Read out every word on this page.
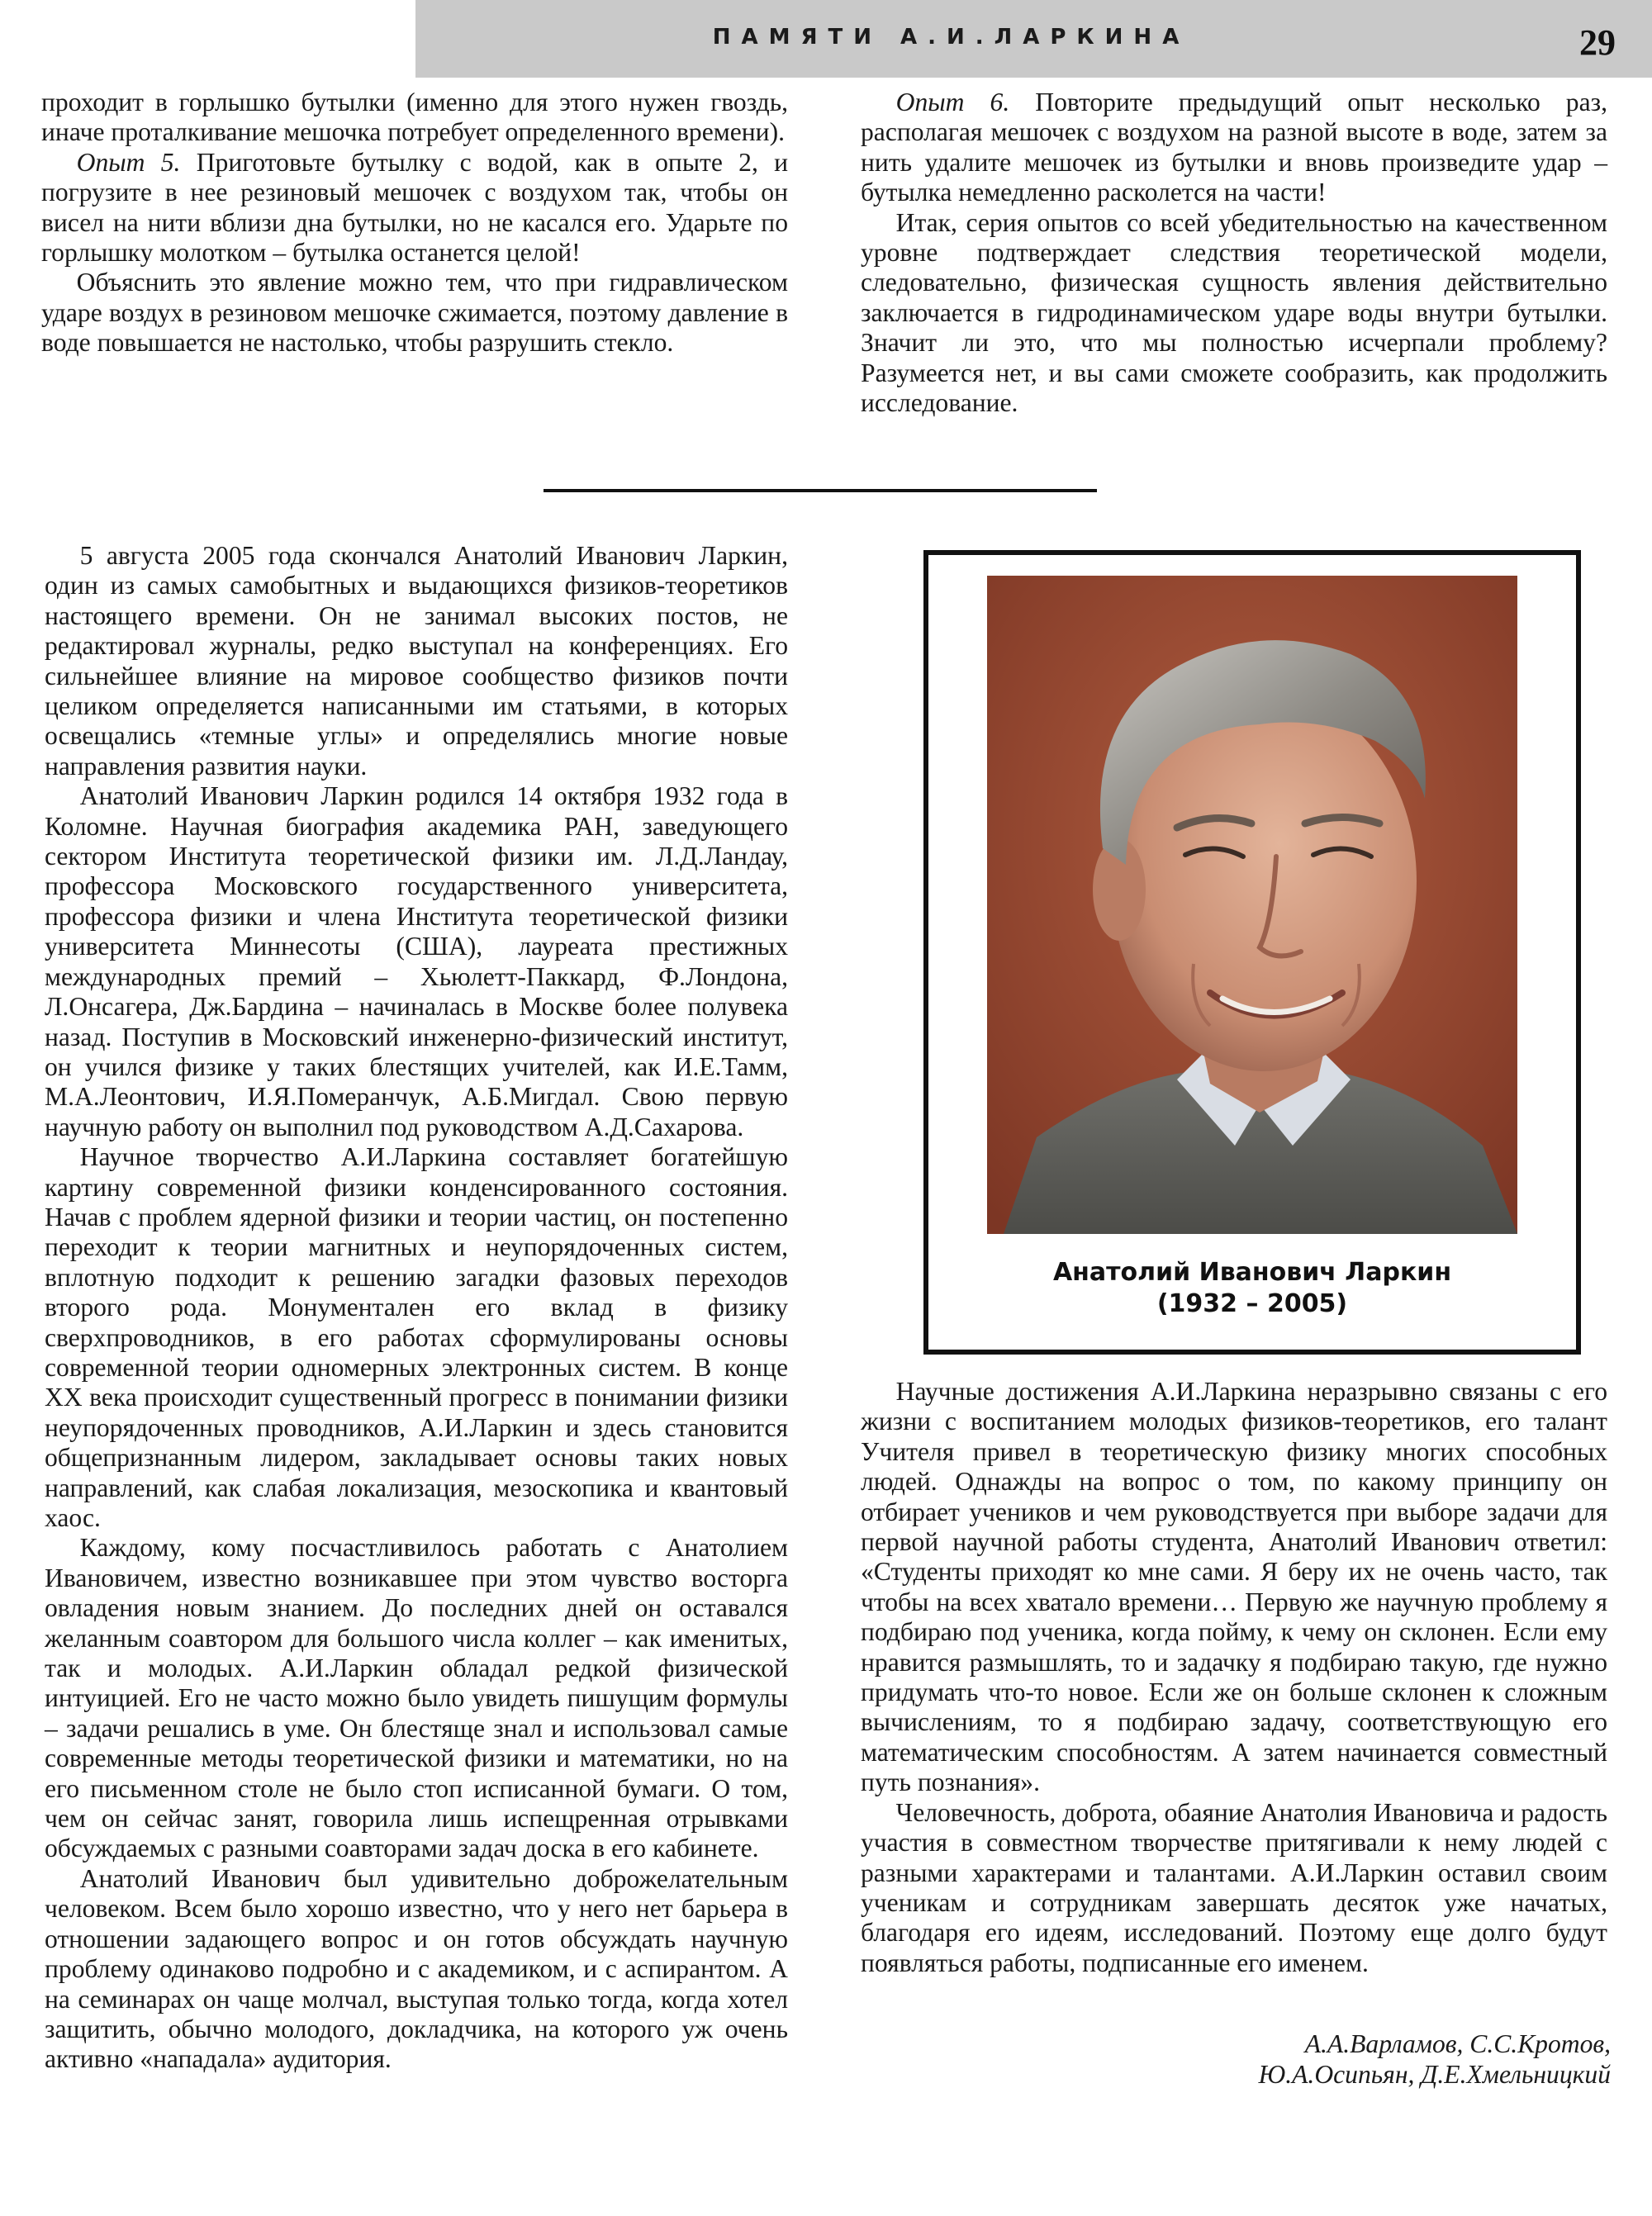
ПАМЯТИ А.И.ЛАРКИНА	29

проходит в горлышко бутылки (именно для этого нужен гвоздь, иначе проталкивание мешочка потребует определенного времени).

Опыт 5. Приготовьте бутылку с водой, как в опыте 2, и погрузите в нее резиновый мешочек с воздухом так, чтобы он висел на нити вблизи дна бутылки, но не касался его. Ударьте по горлышку молотком – бутылка останется целой!

Объяснить это явление можно тем, что при гидравлическом ударе воздух в резиновом мешочке сжимается, поэтому давление в воде повышается не настолько, чтобы разрушить стекло.

Опыт 6. Повторите предыдущий опыт несколько раз, располагая мешочек с воздухом на разной высоте в воде, затем за нить удалите мешочек из бутылки и вновь произведите удар – бутылка немедленно расколется на части!

Итак, серия опытов со всей убедительностью на качественном уровне подтверждает следствия теоретической модели, следовательно, физическая сущность явления действительно заключается в гидродинамическом ударе воды внутри бутылки. Значит ли это, что мы полностью исчерпали проблему? Разумеется нет, и вы сами сможете сообразить, как продолжить исследование.

5 августа 2005 года скончался Анатолий Иванович Ларкин, один из самых самобытных и выдающихся физиков-теоретиков настоящего времени. Он не занимал высоких постов, не редактировал журналы, редко выступал на конференциях. Его сильнейшее влияние на мировое сообщество физиков почти целиком определяется написанными им статьями, в которых освещались «темные углы» и определялись многие новые направления развития науки.

Анатолий Иванович Ларкин родился 14 октября 1932 года в Коломне. Научная биография академика РАН, заведующего сектором Института теоретической физики им. Л.Д.Ландау, профессора Московского государственного университета, профессора физики и члена Института теоретической физики университета Миннесоты (США), лауреата престижных международных премий – Хьюлетт-Паккард, Ф.Лондона, Л.Онсагера, Дж.Бардина – начиналась в Москве более полувека назад. Поступив в Московский инженерно-физический институт, он учился физике у таких блестящих учителей, как И.Е.Тамм, М.А.Леонтович, И.Я.Померанчук, А.Б.Мигдал. Свою первую научную работу он выполнил под руководством А.Д.Сахарова.

Научное творчество А.И.Ларкина составляет богатейшую картину современной физики конденсированного состояния. Начав с проблем ядерной физики и теории частиц, он постепенно переходит к теории магнитных и неупорядоченных систем, вплотную подходит к решению загадки фазовых переходов второго рода. Монументален его вклад в физику сверхпроводников, в его работах сформулированы основы современной теории одномерных электронных систем. В конце XX века происходит существенный прогресс в понимании физики неупорядоченных проводников, А.И.Ларкин и здесь становится общепризнанным лидером, закладывает основы таких новых направлений, как слабая локализация, мезоскопика и квантовый хаос.

Каждому, кому посчастливилось работать с Анатолием Ивановичем, известно возникавшее при этом чувство восторга овладения новым знанием. До последних дней он оставался желанным соавтором для большого числа коллег – как именитых, так и молодых. А.И.Ларкин обладал редкой физической интуицией. Его не часто можно было увидеть пишущим формулы – задачи решались в уме. Он блестяще знал и использовал самые современные методы теоретической физики и математики, но на его письменном столе не было стоп исписанной бумаги. О том, чем он сейчас занят, говорила лишь испещренная отрывками обсуждаемых с разными соавторами задач доска в его кабинете.

Анатолий Иванович был удивительно доброжелательным человеком. Всем было хорошо известно, что у него нет барьера в отношении задающего вопрос и он готов обсуждать научную проблему одинаково подробно и с академиком, и с аспирантом. А на семинарах он чаще молчал, выступая только тогда, когда хотел защитить, обычно молодого, докладчика, на которого уж очень активно «нападала» аудитория.

Анатолий Иванович Ларкин
(1932 – 2005)

Научные достижения А.И.Ларкина неразрывно связаны с его жизни с воспитанием молодых физиков-теоретиков, его талант Учителя привел в теоретическую физику многих способных людей. Однажды на вопрос о том, по какому принципу он отбирает учеников и чем руководствуется при выборе задачи для первой научной работы студента, Анатолий Иванович ответил: «Студенты приходят ко мне сами. Я беру их не очень часто, так чтобы на всех хватало времени… Первую же научную проблему я подбираю под ученика, когда пойму, к чему он склонен. Если ему нравится размышлять, то и задачку я подбираю такую, где нужно придумать что-то новое. Если же он больше склонен к сложным вычислениям, то я подбираю задачу, соответствующую его математическим способностям. А затем начинается совместный путь познания».

Человечность, доброта, обаяние Анатолия Ивановича и радость участия в совместном творчестве притягивали к нему людей с разными характерами и талантами. А.И.Ларкин оставил своим ученикам и сотрудникам завершать десяток уже начатых, благодаря его идеям, исследований. Поэтому еще долго будут появляться работы, подписанные его именем.

А.А.Варламов, С.С.Кротов,
Ю.А.Осипьян, Д.Е.Хмельницкий
